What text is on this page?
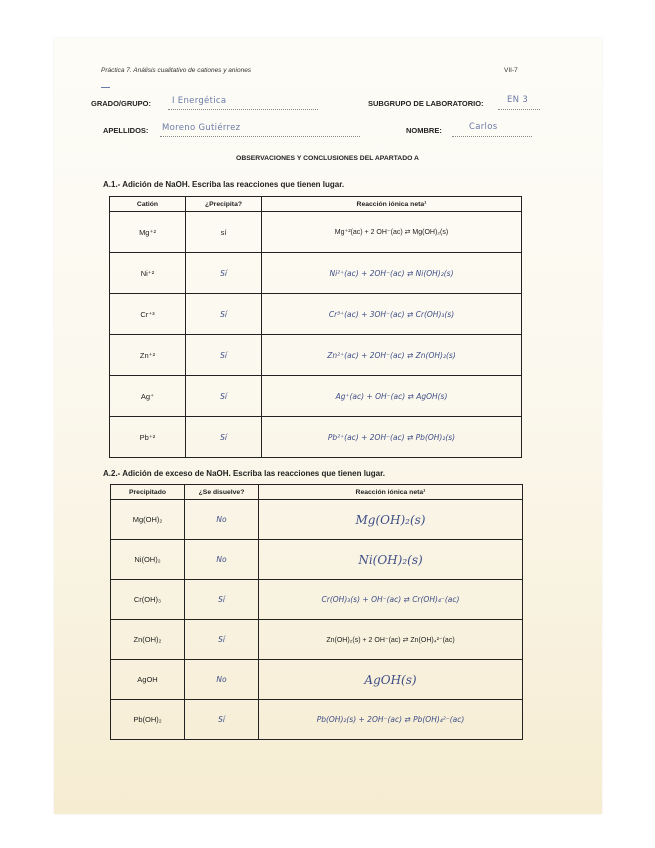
Práctica 7. Análisis cualitativo de cationes y aniones	VII-7
GRADO/GRUPO: I Energética	SUBGRUPO DE LABORATORIO:	EN 3
APELLIDOS: Moreno Gutiérrez	NOMBRE:	Carlos
OBSERVACIONES Y CONCLUSIONES DEL APARTADO A
A.1.- Adición de NaOH. Escriba las reacciones que tienen lugar.
Catión	¿Precipita?	Reacción iónica neta¹
Mg⁺²	sí	Mg⁺²(ac) + 2 OH⁻(ac) ⇄ Mg(OH)₂(s)
Ni⁺²	Sí	Ni²⁺(ac) + 2OH⁻(ac) ⇄ Ni(OH)₂(s)
Cr⁺³	Sí	Cr³⁺(ac) + 3OH⁻(ac) ⇄ Cr(OH)₃(s)
Zn⁺²	Sí	Zn²⁺(ac) + 2OH⁻(ac) ⇄ Zn(OH)₂(s)
Ag⁺	Sí	Ag⁺(ac) + OH⁻(ac) ⇄ AgOH(s)
Pb⁺²	Sí	Pb²⁺(ac) + 2OH⁻(ac) ⇄ Pb(OH)₂(s)
A.2.- Adición de exceso de NaOH. Escriba las reacciones que tienen lugar.
Precipitado	¿Se disuelve?	Reacción iónica neta¹
Mg(OH)₂	No	Mg(OH)₂(s)
Ni(OH)₂	No	Ni(OH)₂(s)
Cr(OH)₃	Sí	Cr(OH)₃(s) + OH⁻(ac) ⇄ Cr(OH)₄⁻(ac)
Zn(OH)₂	Sí	Zn(OH)₂(s) + 2 OH⁻(ac) ⇄ Zn(OH)₄²⁻(ac)
AgOH	No	AgOH(s)
Pb(OH)₂	Sí	Pb(OH)₂(s) + 2OH⁻(ac) ⇄ Pb(OH)₄²⁻(ac)
